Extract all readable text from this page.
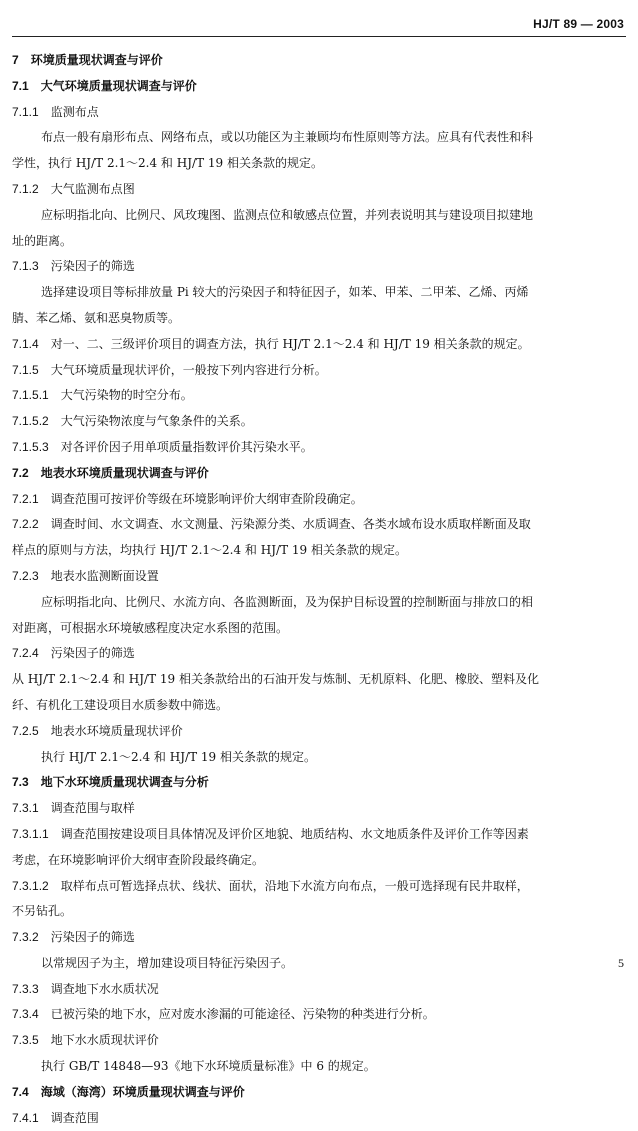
HJ/T 89 — 2003
7 环境质量现状调查与评价
7.1 大气环境质量现状调查与评价
7.1.1 监测布点
布点一般有扇形布点、网络布点，或以功能区为主兼顾均布性原则等方法。应具有代表性和科
学性，执行 HJ/T 2.1～2.4 和 HJ/T 19 相关条款的规定。
7.1.2 大气监测布点图
应标明指北向、比例尺、风玫瑰图、监测点位和敏感点位置，并列表说明其与建设项目拟建地
址的距离。
7.1.3 污染因子的筛选
选择建设项目等标排放量 Pi 较大的污染因子和特征因子，如苯、甲苯、二甲苯、乙烯、丙烯
腈、苯乙烯、氨和恶臭物质等。
7.1.4 对一、二、三级评价项目的调查方法，执行 HJ/T 2.1～2.4 和 HJ/T 19 相关条款的规定。
7.1.5 大气环境质量现状评价，一般按下列内容进行分析。
7.1.5.1 大气污染物的时空分布。
7.1.5.2 大气污染物浓度与气象条件的关系。
7.1.5.3 对各评价因子用单项质量指数评价其污染水平。
7.2 地表水环境质量现状调查与评价
7.2.1 调查范围可按评价等级在环境影响评价大纲审查阶段确定。
7.2.2 调查时间、水文调查、水文测量、污染源分类、水质调查、各类水域布设水质取样断面及取
样点的原则与方法，均执行 HJ/T 2.1～2.4 和 HJ/T 19 相关条款的规定。
7.2.3 地表水监测断面设置
应标明指北向、比例尺、水流方向、各监测断面，及为保护目标设置的控制断面与排放口的相
对距离，可根据水环境敏感程度决定水系图的范围。
7.2.4 污染因子的筛选
从 HJ/T 2.1～2.4 和 HJ/T 19 相关条款给出的石油开发与炼制、无机原料、化肥、橡胶、塑料及化
纤、有机化工建设项目水质参数中筛选。
7.2.5 地表水环境质量现状评价
执行 HJ/T 2.1～2.4 和 HJ/T 19 相关条款的规定。
7.3 地下水环境质量现状调查与分析
7.3.1 调查范围与取样
7.3.1.1 调查范围按建设项目具体情况及评价区地貌、地质结构、水文地质条件及评价工作等因素
考虑，在环境影响评价大纲审查阶段最终确定。
7.3.1.2 取样布点可暂选择点状、线状、面状，沿地下水流方向布点，一般可选择现有民井取样，
不另钻孔。
7.3.2 污染因子的筛选
以常规因子为主，增加建设项目特征污染因子。
7.3.3 调查地下水水质状况
7.3.4 已被污染的地下水，应对废水渗漏的可能途径、污染物的种类进行分析。
7.3.5 地下水水质现状评价
执行 GB/T 14848—93《地下水环境质量标准》中 6 的规定。
7.4 海域（海湾）环境质量现状调查与评价
7.4.1 调查范围
5
